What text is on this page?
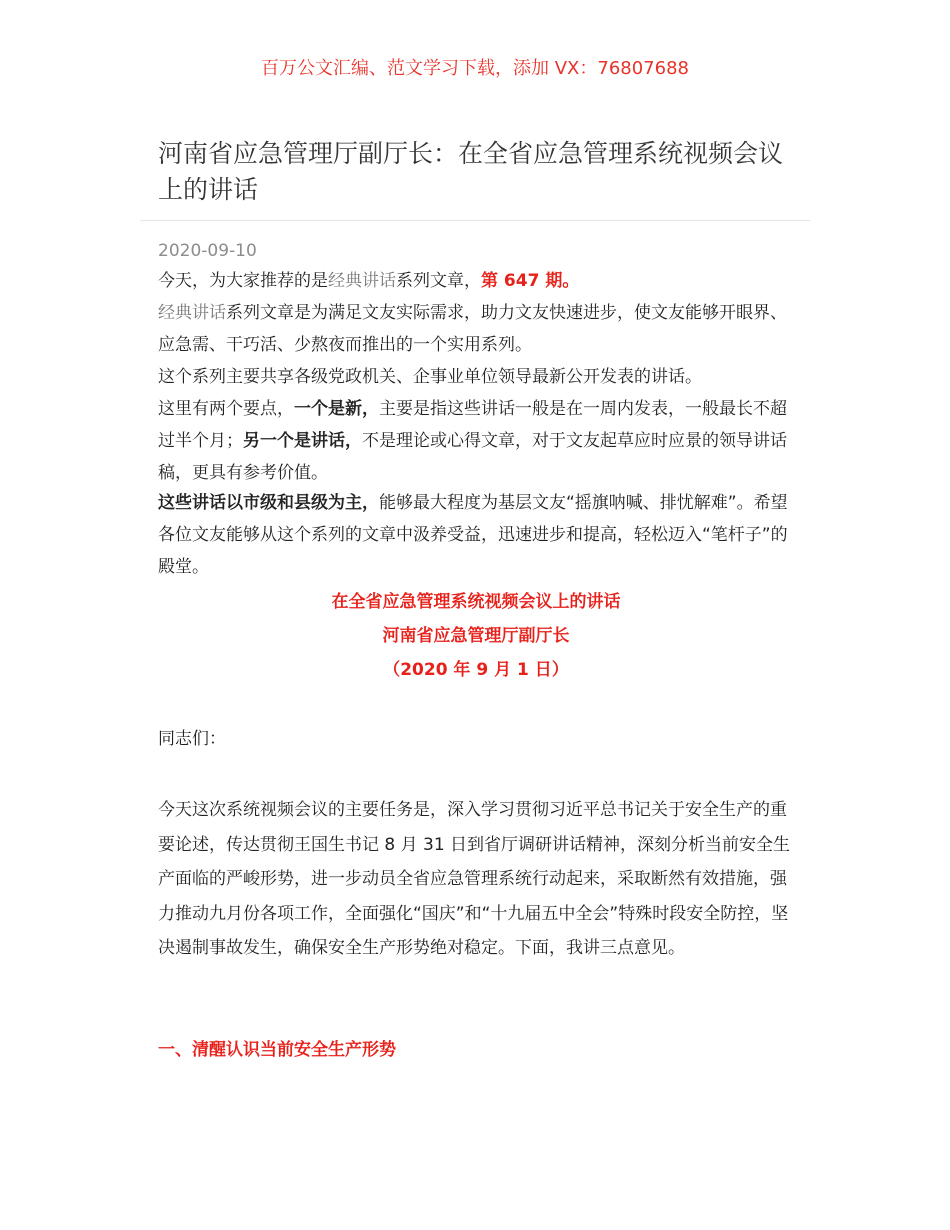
百万公文汇编、范文学习下载，添加 VX：76807688
河南省应急管理厅副厅长：在全省应急管理系统视频会议上的讲话
2020-09-10

今天，为大家推荐的是经典讲话系列文章，第 647 期。

经典讲话系列文章是为满足文友实际需求，助力文友快速进步，使文友能够开眼界、应急需、干巧活、少熬夜而推出的一个实用系列。

这个系列主要共享各级党政机关、企事业单位领导最新公开发表的讲话。

这里有两个要点，一个是新，主要是指这些讲话一般是在一周内发表，一般最长不超过半个月；另一个是讲话，不是理论或心得文章，对于文友起草应时应景的领导讲话稿，更具有参考价值。

这些讲话以市级和县级为主，能够最大程度为基层文友“摇旗呐喊、排忧解难”。希望各位文友能够从这个系列的文章中汲养受益，迅速进步和提高，轻松迈入“笔杆子”的殿堂。

在全省应急管理系统视频会议上的讲话
河南省应急管理厅副厅长
（2020 年 9 月 1 日）

同志们：

今天这次系统视频会议的主要任务是，深入学习贯彻习近平总书记关于安全生产的重要论述，传达贯彻王国生书记 8 月 31 日到省厅调研讲话精神，深刻分析当前安全生产面临的严峻形势，进一步动员全省应急管理系统行动起来，采取断然有效措施，强力推动九月份各项工作，全面强化“国庆”和“十九届五中全会”特殊时段安全防控，坚决遏制事故发生，确保安全生产形势绝对稳定。下面，我讲三点意见。

一、清醒认识当前安全生产形势
